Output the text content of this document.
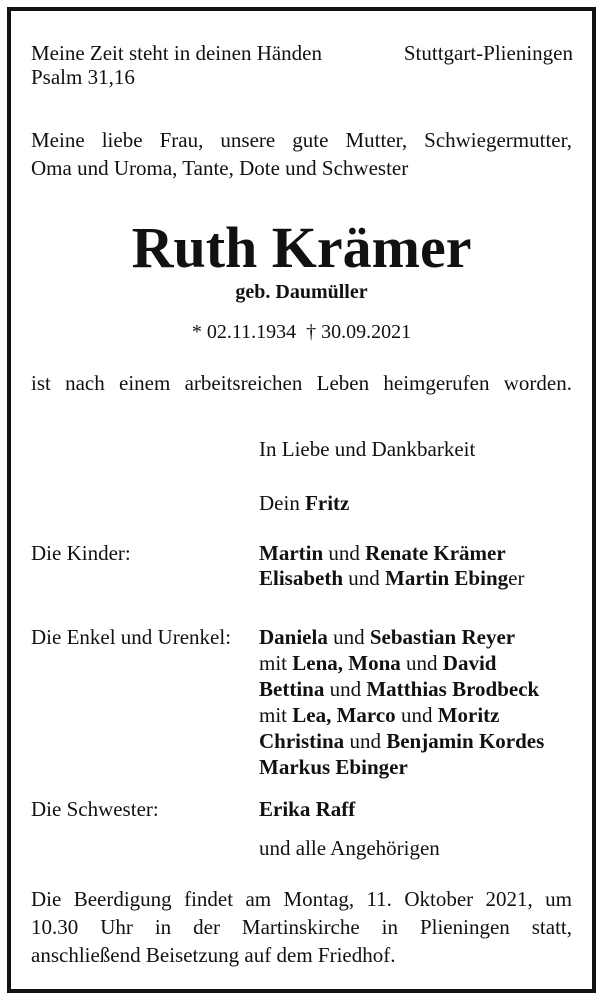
Meine Zeit steht in deinen Händen	Stuttgart-Plieningen
Psalm 31,16
Meine liebe Frau, unsere gute Mutter, Schwiegermutter,
Oma und Uroma, Tante, Dote und Schwester
Ruth Krämer
geb. Daumüller
* 02.11.1934  † 30.09.2021
ist nach einem arbeitsreichen Leben heimgerufen worden.
In Liebe und Dankbarkeit
Dein Fritz
Die Kinder:	Martin und Renate Krämer
Elisabeth und Martin Ebinger
Die Enkel und Urenkel: Daniela und Sebastian Reyer
mit Lena, Mona und David
Bettina und Matthias Brodbeck
mit Lea, Marco und Moritz
Christina und Benjamin Kordes
Markus Ebinger
Die Schwester:	Erika Raff
und alle Angehörigen
Die Beerdigung findet am Montag, 11. Oktober 2021, um
10.30 Uhr in der Martinskirche in Plieningen statt,
anschließend Beisetzung auf dem Friedhof.
